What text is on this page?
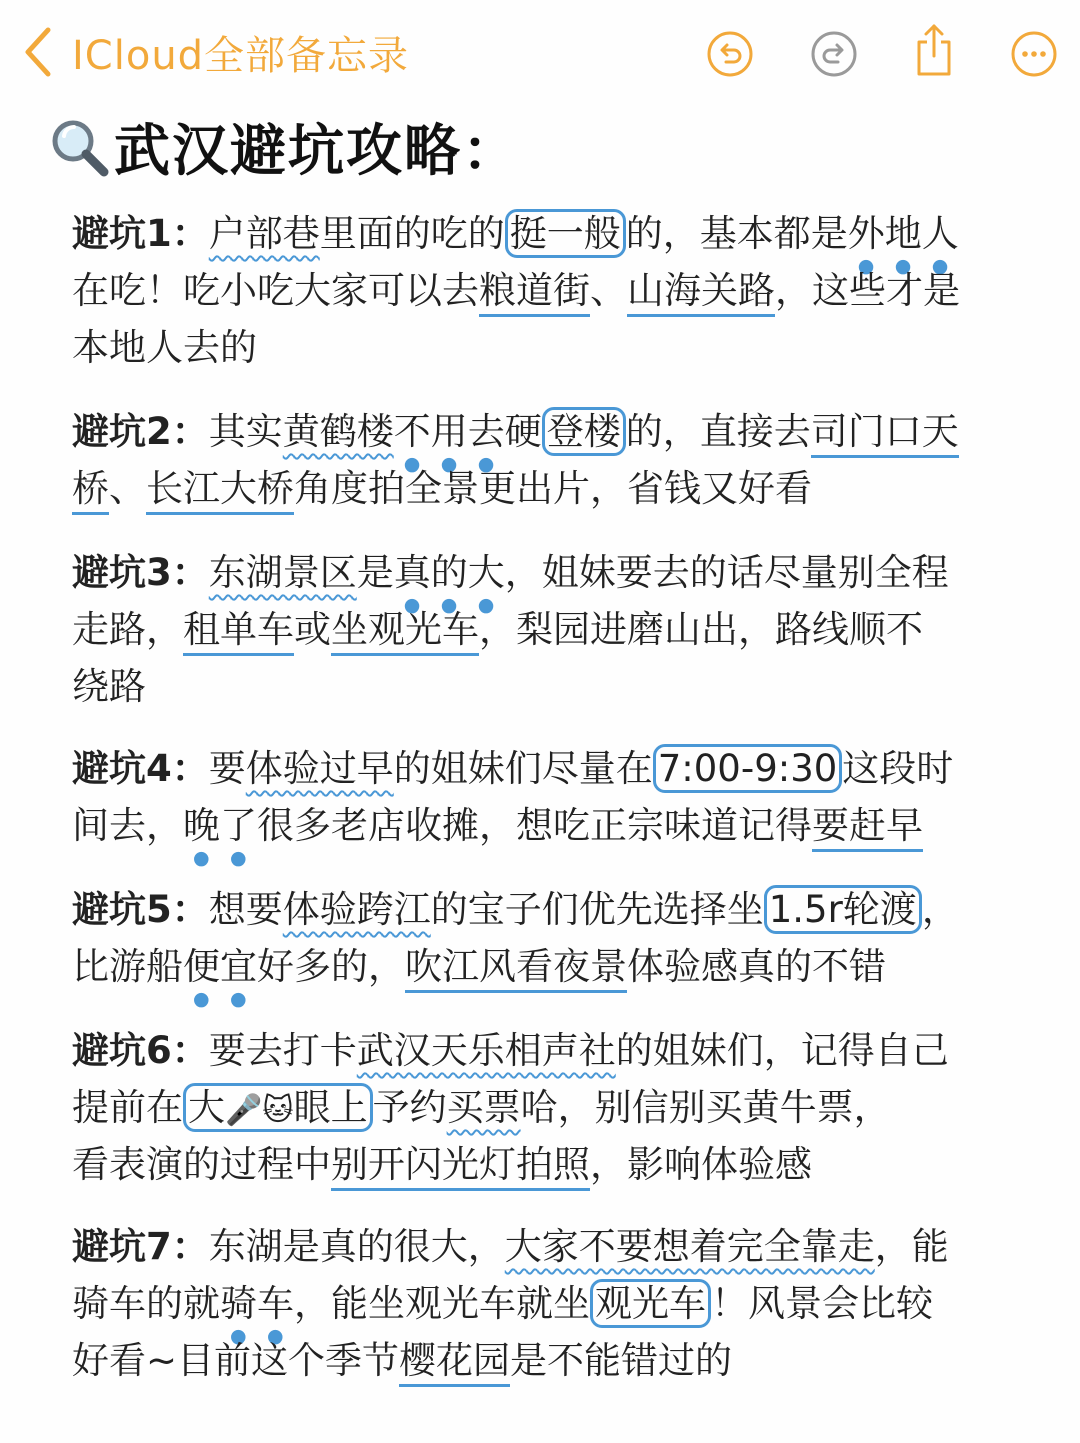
ICloud全部备忘录
武汉避坑攻略：
避坑1：户部巷里面的吃的 挺一般 的，基本都是外地人
在吃！吃小吃大家可以去粮道街、山海关路，这些才是
本地人去的
避坑2：其实黄鹤楼不用去硬 登楼 的，直接去司门口天
桥、长江大桥角度拍全景更出片，省钱又好看
避坑3：东湖景区是真的大，姐妹要去的话尽量别全程
走路，租单车或坐观光车，梨园进磨山出，路线顺不
绕路
避坑4：要体验过早的姐妹们尽量在 7:00-9:30 这段时
间去，晚了很多老店收摊，想吃正宗味道记得要赶早
避坑5：想要体验跨江的宝子们优先选择坐 1.5r轮渡 ，
比游船便宜好多的，吹江风看夜景体验感真的不错
避坑6：要去打卡武汉天乐相声社的姐妹们，记得自己
提前在 大🎤🐱眼上 予约买票哈，别信别买黄牛票，
看表演的过程中别开闪光灯拍照，影响体验感
避坑7：东湖是真的很大，大家不要想着完全靠走，能
骑车的就骑车，能坐观光车就坐 观光车 ！风景会比较
好看~目前这个季节樱花园是不能错过的
